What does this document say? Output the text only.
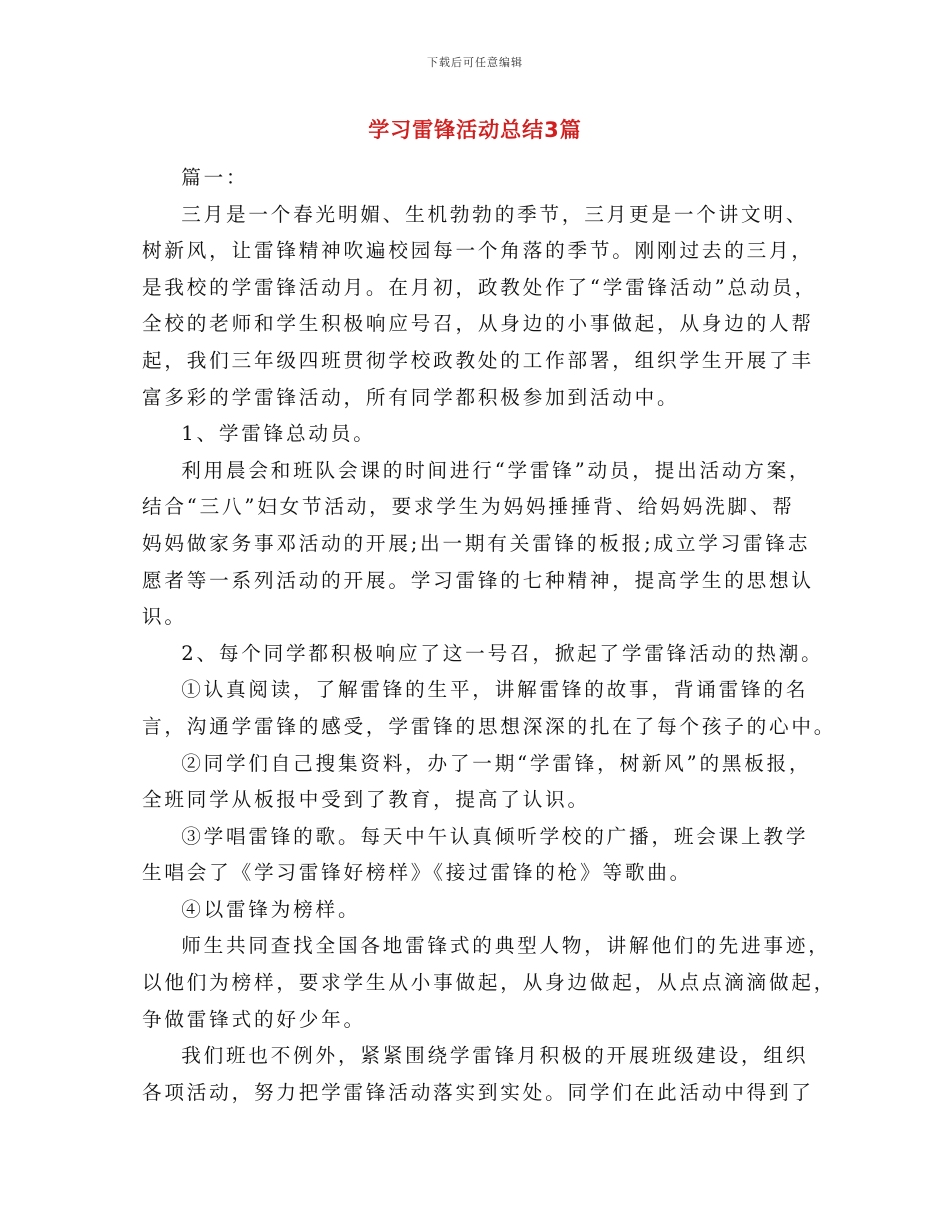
下载后可任意编辑
学习雷锋活动总结3篇

篇一：

三月是一个春光明媚、生机勃勃的季节，三月更是一个讲文明、
树新风，让雷锋精神吹遍校园每一个角落的季节。刚刚过去的三月，
是我校的学雷锋活动月。在月初，政教处作了“学雷锋活动”总动员，
全校的老师和学生积极响应号召，从身边的小事做起，从身边的人帮
起，我们三年级四班贯彻学校政教处的工作部署，组织学生开展了丰
富多彩的学雷锋活动，所有同学都积极参加到活动中。

1、学雷锋总动员。

利用晨会和班队会课的时间进行“学雷锋”动员，提出活动方案，
结合“三八”妇女节活动，要求学生为妈妈捶捶背、给妈妈洗脚、帮
妈妈做家务事邓活动的开展;出一期有关雷锋的板报;成立学习雷锋志
愿者等一系列活动的开展。学习雷锋的七种精神，提高学生的思想认
识。

2、每个同学都积极响应了这一号召，掀起了学雷锋活动的热潮。

①认真阅读，了解雷锋的生平，讲解雷锋的故事，背诵雷锋的名
言，沟通学雷锋的感受，学雷锋的思想深深的扎在了每个孩子的心中。

②同学们自己搜集资料，办了一期“学雷锋，树新风”的黑板报，
全班同学从板报中受到了教育，提高了认识。

③学唱雷锋的歌。每天中午认真倾听学校的广播，班会课上教学
生唱会了《学习雷锋好榜样》《接过雷锋的枪》等歌曲。

④以雷锋为榜样。

师生共同查找全国各地雷锋式的典型人物，讲解他们的先进事迹，
以他们为榜样，要求学生从小事做起，从身边做起，从点点滴滴做起，
争做雷锋式的好少年。

我们班也不例外，紧紧围绕学雷锋月积极的开展班级建设，组织
各项活动，努力把学雷锋活动落实到实处。同学们在此活动中得到了
